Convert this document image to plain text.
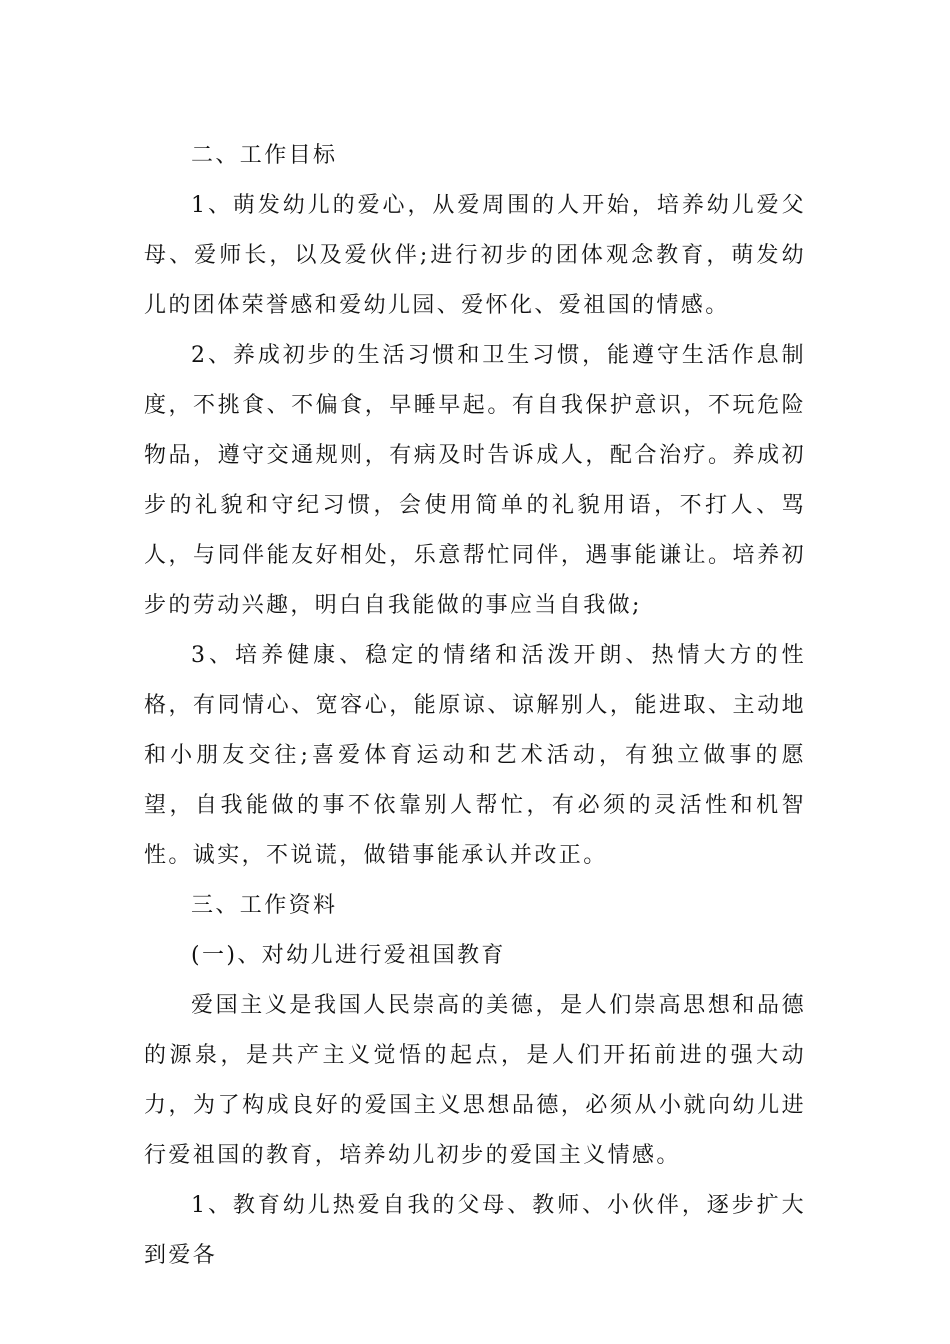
二、工作目标

1、萌发幼儿的爱心，从爱周围的人开始，培养幼儿爱父母、爱师长，以及爱伙伴;进行初步的团体观念教育，萌发幼儿的团体荣誉感和爱幼儿园、爱怀化、爱祖国的情感。

2、养成初步的生活习惯和卫生习惯，能遵守生活作息制度，不挑食、不偏食，早睡早起。有自我保护意识，不玩危险物品，遵守交通规则，有病及时告诉成人，配合治疗。养成初步的礼貌和守纪习惯，会使用简单的礼貌用语，不打人、骂人，与同伴能友好相处，乐意帮忙同伴，遇事能谦让。培养初步的劳动兴趣，明白自我能做的事应当自我做;

3、培养健康、稳定的情绪和活泼开朗、热情大方的性格，有同情心、宽容心，能原谅、谅解别人，能进取、主动地和小朋友交往;喜爱体育运动和艺术活动，有独立做事的愿望，自我能做的事不依靠别人帮忙，有必须的灵活性和机智性。诚实，不说谎，做错事能承认并改正。

三、工作资料

(一)、对幼儿进行爱祖国教育

爱国主义是我国人民崇高的美德，是人们崇高思想和品德的源泉，是共产主义觉悟的起点，是人们开拓前进的强大动力，为了构成良好的爱国主义思想品德，必须从小就向幼儿进行爱祖国的教育，培养幼儿初步的爱国主义情感。

1、教育幼儿热爱自我的父母、教师、小伙伴，逐步扩大到爱各
